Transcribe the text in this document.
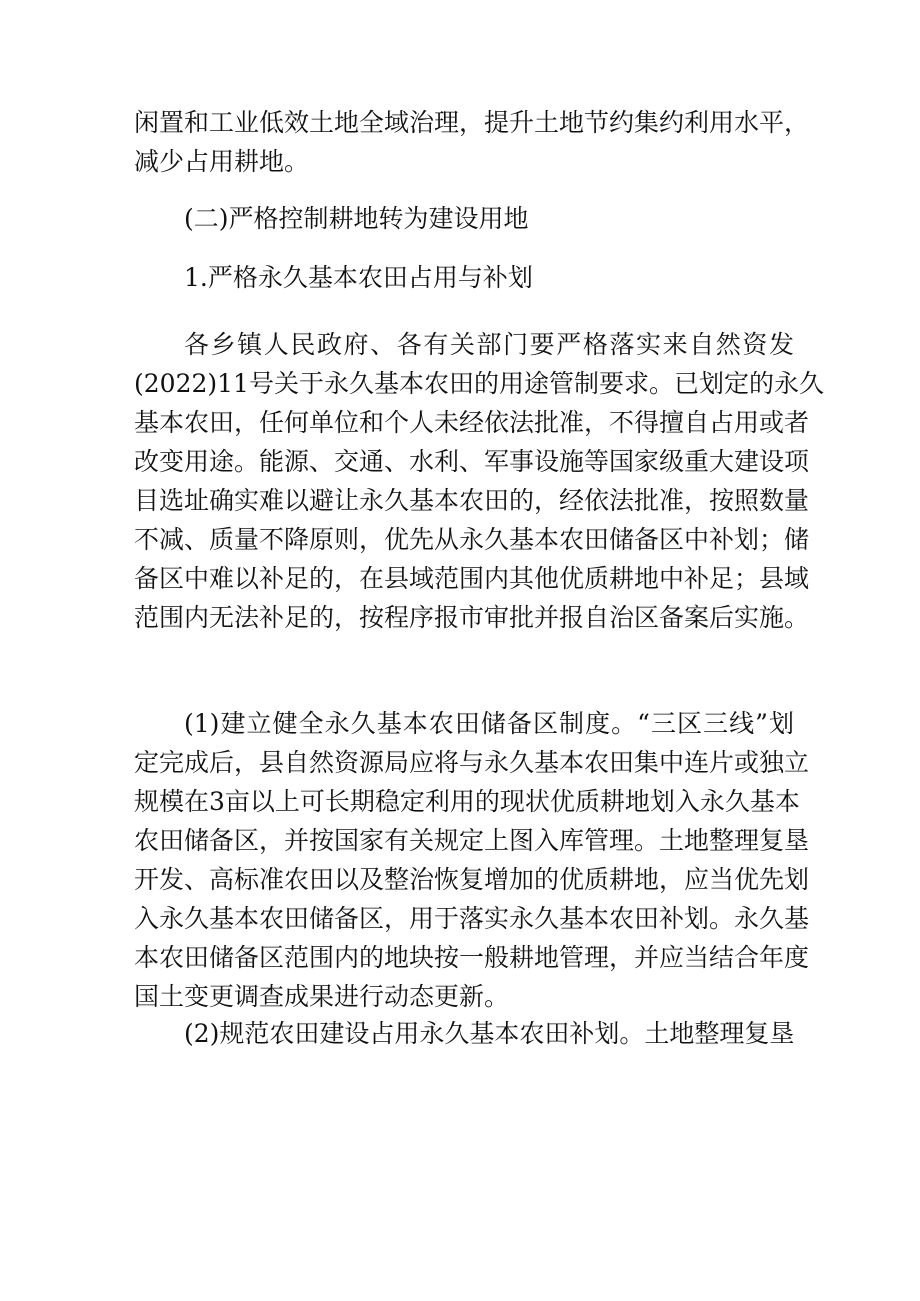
闲置和工业低效土地全域治理，提升土地节约集约利用水平，
减少占用耕地。
(二)严格控制耕地转为建设用地
1.严格永久基本农田占用与补划
各乡镇人民政府、各有关部门要严格落实来自然资发
(2022)11号关于永久基本农田的用途管制要求。已划定的永久
基本农田，任何单位和个人未经依法批准，不得擅自占用或者
改变用途。能源、交通、水利、军事设施等国家级重大建设项
目选址确实难以避让永久基本农田的，经依法批准，按照数量
不减、质量不降原则，优先从永久基本农田储备区中补划；储
备区中难以补足的，在县域范围内其他优质耕地中补足；县域
范围内无法补足的，按程序报市审批并报自治区备案后实施。
(1)建立健全永久基本农田储备区制度。“三区三线”划
定完成后，县自然资源局应将与永久基本农田集中连片或独立
规模在3亩以上可长期稳定利用的现状优质耕地划入永久基本
农田储备区，并按国家有关规定上图入库管理。土地整理复垦
开发、高标准农田以及整治恢复增加的优质耕地，应当优先划
入永久基本农田储备区，用于落实永久基本农田补划。永久基
本农田储备区范围内的地块按一般耕地管理，并应当结合年度
国土变更调查成果进行动态更新。
(2)规范农田建设占用永久基本农田补划。土地整理复垦
